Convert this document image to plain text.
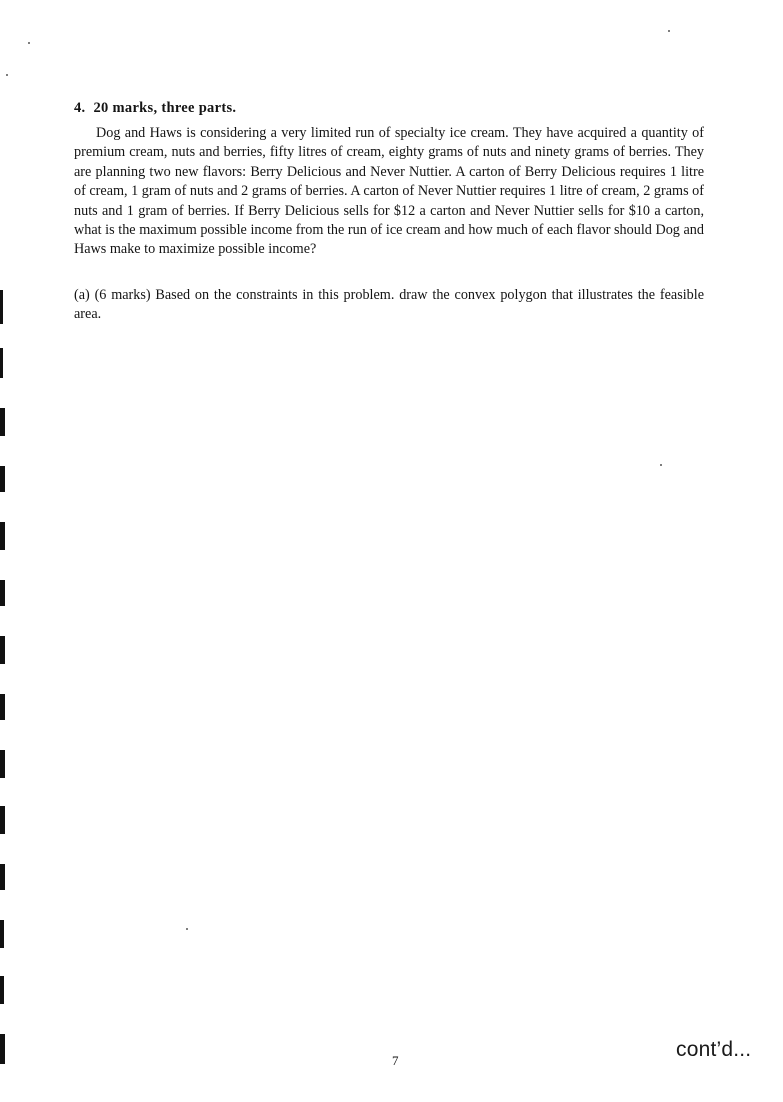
4. 20 marks, three parts.

Dog and Haws is considering a very limited run of specialty ice cream. They have acquired a quantity of premium cream, nuts and berries, fifty litres of cream, eighty grams of nuts and ninety grams of berries. They are planning two new flavors: Berry Delicious and Never Nuttier. A carton of Berry Delicious requires 1 litre of cream, 1 gram of nuts and 2 grams of berries. A carton of Never Nuttier requires 1 litre of cream, 2 grams of nuts and 1 gram of berries. If Berry Delicious sells for $12 a carton and Never Nuttier sells for $10 a carton, what is the maximum possible income from the run of ice cream and how much of each flavor should Dog and Haws make to maximize possible income?

(a) (6 marks) Based on the constraints in this problem. draw the convex polygon that illustrates the feasible area.

7	cont’d...
